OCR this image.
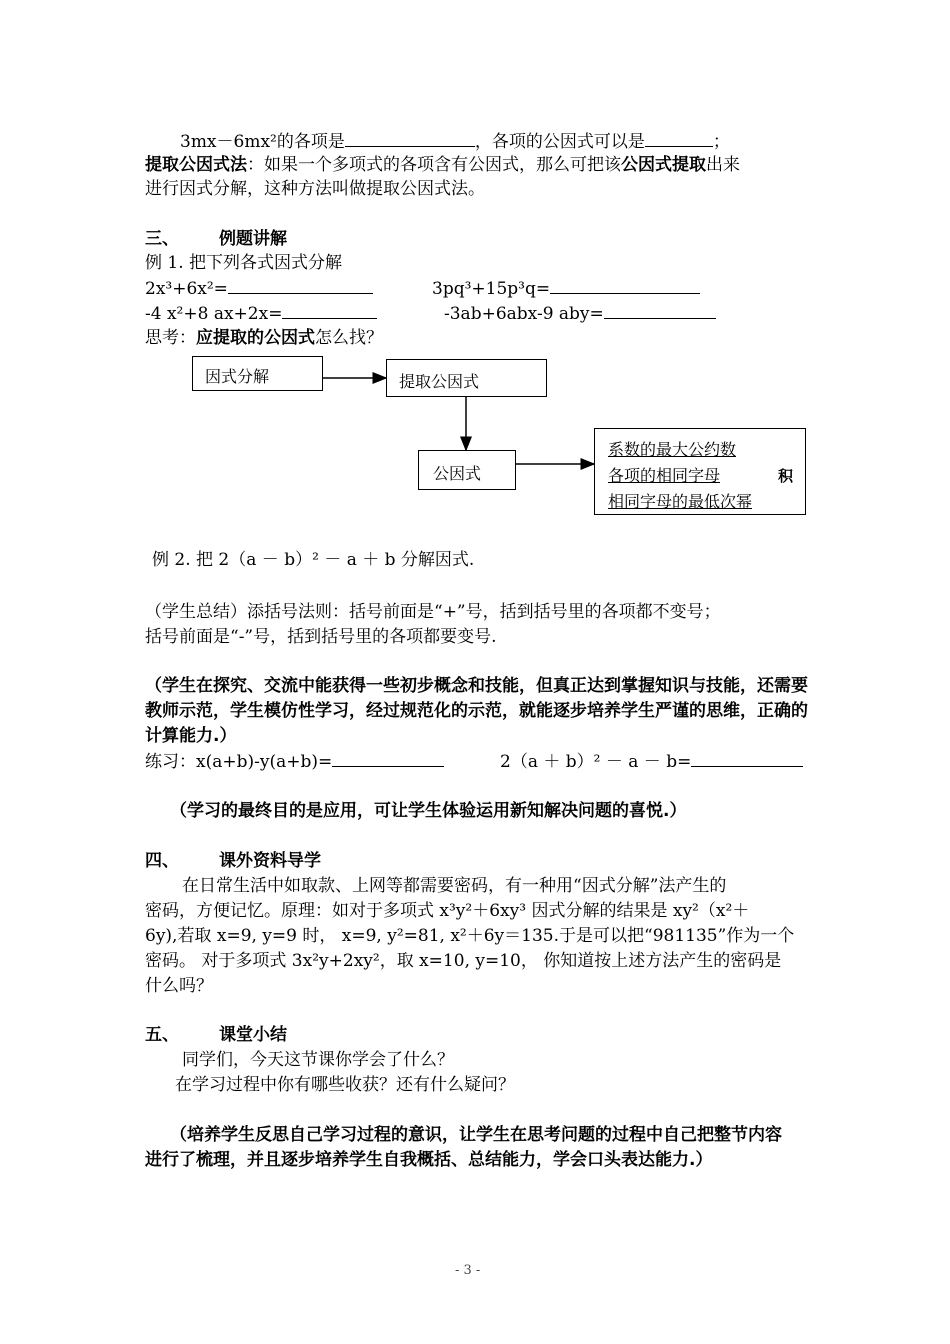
3mx－6mx²的各项是	，各项的公因式可以是	；
提取公因式法：如果一个多项式的各项含有公因式，那么可把该公因式提取出来
进行因式分解，这种方法叫做提取公因式法。
三、 例题讲解
例 1. 把下列各式因式分解
2x³+6x²=	3pq³+15p³q=
-4 x²+8 ax+2x=	-3ab+6abx-9 aby=
思考：应提取的公因式怎么找？
因式分解	提取公因式
公因式
系数的最大公约数
各项的相同字母
相同字母的最低次幂
积
例 2. 把 2（a － b）² － a ＋ b 分解因式.
（学生总结）添括号法则：括号前面是“+”号，括到括号里的各项都不变号；
括号前面是“-”号，括到括号里的各项都要变号.
（学生在探究、交流中能获得一些初步概念和技能，但真正达到掌握知识与技能，还需要
教师示范，学生模仿性学习，经过规范化的示范，就能逐步培养学生严谨的思维，正确的
计算能力.）
练习：x(a+b)-y(a+b)=	2（a ＋ b）² － a － b=
（学习的最终目的是应用，可让学生体验运用新知解决问题的喜悦.）
四、 课外资料导学
在日常生活中如取款、上网等都需要密码，有一种用“因式分解”法产生的
密码，方便记忆。原理：如对于多项式 x³y²＋6xy³ 因式分解的结果是 xy²（x²＋
6y),若取 x=9, y=9 时， x=9, y²=81, x²＋6y＝135.于是可以把“981135”作为一个
密码。 对于多项式 3x²y+2xy²，取 x=10, y=10， 你知道按上述方法产生的密码是
什么吗？
五、 课堂小结
同学们，今天这节课你学会了什么？
在学习过程中你有哪些收获？还有什么疑问？
（培养学生反思自己学习过程的意识，让学生在思考问题的过程中自己把整节内容
进行了梳理，并且逐步培养学生自我概括、总结能力，学会口头表达能力.）
- 3 -
